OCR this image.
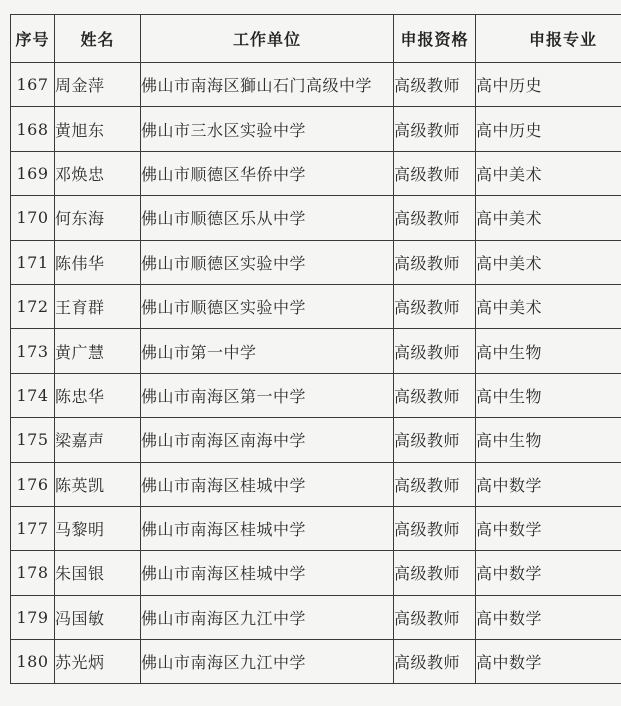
序号	姓名	工作单位	申报资格	申报专业
167	周金萍	佛山市南海区獅山石门高级中学	高级教师	高中历史
168	黄旭东	佛山市三水区实验中学	高级教师	高中历史
169	邓焕忠	佛山市顺德区华侨中学	高级教师	高中美术
170	何东海	佛山市顺德区乐从中学	高级教师	高中美术
171	陈伟华	佛山市顺德区实验中学	高级教师	高中美术
172	王育群	佛山市顺德区实验中学	高级教师	高中美术
173	黄广慧	佛山市第一中学	高级教师	高中生物
174	陈忠华	佛山市南海区第一中学	高级教师	高中生物
175	梁嘉声	佛山市南海区南海中学	高级教师	高中生物
176	陈英凯	佛山市南海区桂城中学	高级教师	高中数学
177	马黎明	佛山市南海区桂城中学	高级教师	高中数学
178	朱国银	佛山市南海区桂城中学	高级教师	高中数学
179	冯国敏	佛山市南海区九江中学	高级教师	高中数学
180	苏光炳	佛山市南海区九江中学	高级教师	高中数学
